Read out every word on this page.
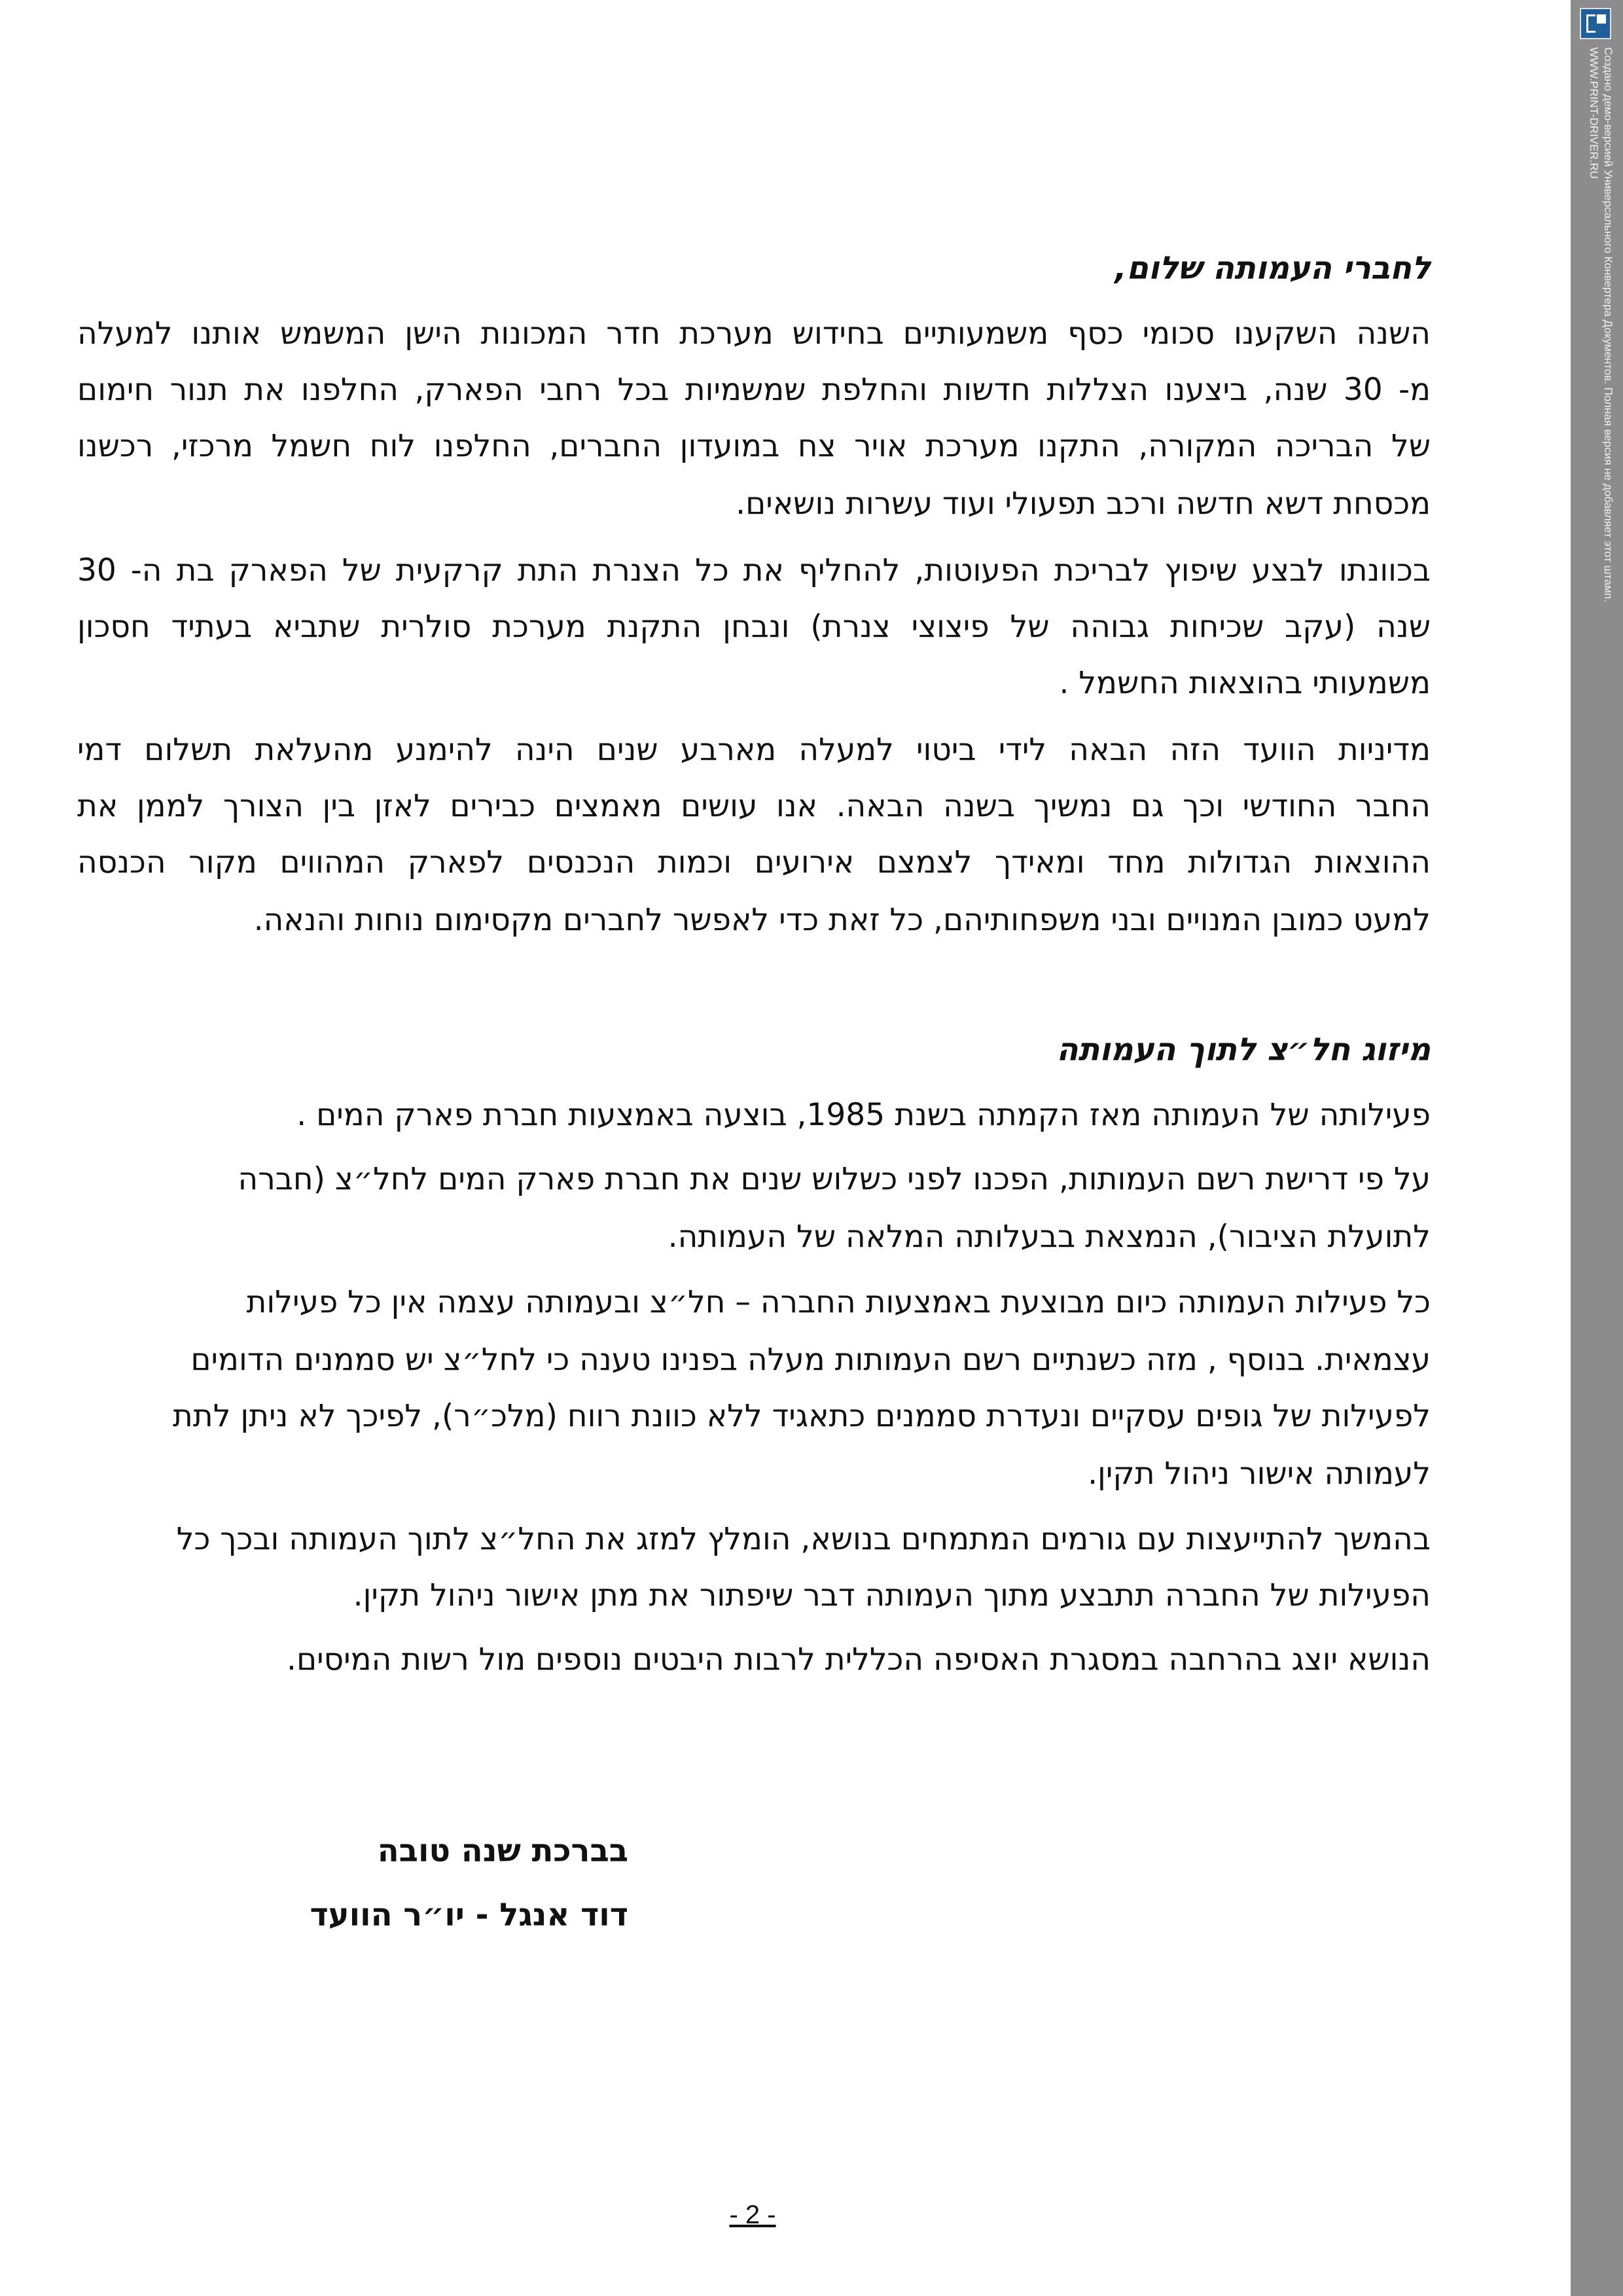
לחברי העמותה שלום,
השנה השקענו סכומי כסף משמעותיים בחידוש מערכת חדר המכונות הישן המשמש אותנו למעלה
מ- 30 שנה, ביצענו הצללות חדשות והחלפת שמשמיות בכל רחבי הפארק, החלפנו את תנור חימום
של הבריכה המקורה, התקנו מערכת אויר צח במועדון החברים, החלפנו לוח חשמל מרכזי, רכשנו
מכסחת דשא חדשה ורכב תפעולי ועוד עשרות נושאים.
בכוונתו לבצע שיפוץ לבריכת הפעוטות, להחליף את כל הצנרת התת קרקעית של הפארק בת ה- 30
שנה (עקב שכיחות גבוהה של פיצוצי צנרת) ונבחן התקנת מערכת סולרית שתביא בעתיד חסכון
משמעותי בהוצאות החשמל .
מדיניות הוועד הזה הבאה לידי ביטוי למעלה מארבע שנים הינה להימנע מהעלאת תשלום דמי
החבר החודשי וכך גם נמשיך בשנה הבאה. אנו עושים מאמצים כבירים לאזן בין הצורך לממן את
ההוצאות הגדולות מחד ומאידך לצמצם אירועים וכמות הנכנסים לפארק המהווים מקור הכנסה
למעט כמובן המנויים ובני משפחותיהם, כל זאת כדי לאפשר לחברים מקסימום נוחות והנאה.
מיזוג חל״צ לתוך העמותה
פעילותה של העמותה מאז הקמתה בשנת 1985, בוצעה באמצעות חברת פארק המים .
על פי דרישת רשם העמותות, הפכנו לפני כשלוש שנים את חברת פארק המים לחל״צ (חברה
לתועלת הציבור), הנמצאת בבעלותה המלאה של העמותה.
כל פעילות העמותה כיום מבוצעת באמצעות החברה – חל״צ ובעמותה עצמה אין כל פעילות
עצמאית. בנוסף , מזה כשנתיים רשם העמותות מעלה בפנינו טענה כי לחל״צ יש סממנים הדומים
לפעילות של גופים עסקיים ונעדרת סממנים כתאגיד ללא כוונת רווח (מלכ״ר), לפיכך לא ניתן לתת
לעמותה אישור ניהול תקין.
בהמשך להתייעצות עם גורמים המתמחים בנושא, הומלץ למזג את החל״צ לתוך העמותה ובכך כל
הפעילות של החברה תתבצע מתוך העמותה דבר שיפתור את מתן אישור ניהול תקין.
הנושא יוצג בהרחבה במסגרת האסיפה הכללית לרבות היבטים נוספים מול רשות המיסים.
בברכת שנה טובה
דוד אנגל - יו״ר הוועד
- 2 -
Создано демо-версией Универсального Конвертера Документов. Полная версия не добавляет этот штамп.
WWW.PRINT-DRIVER.RU
